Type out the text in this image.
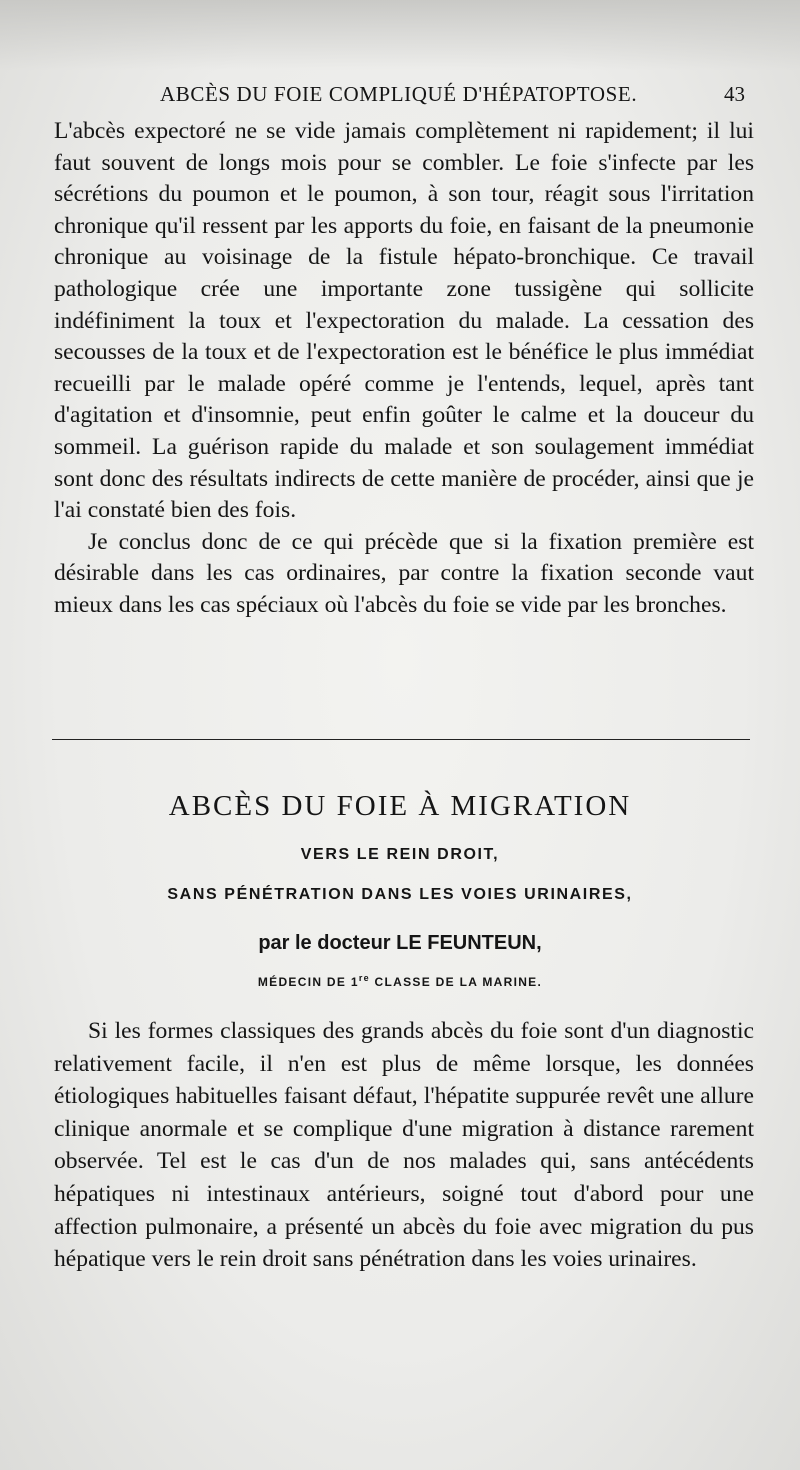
ABCÈS DU FOIE COMPLIQUÉ D'HÉPATOPTOSE.	43

L'abcès expectoré ne se vide jamais complètement ni rapidement; il lui faut souvent de longs mois pour se combler. Le foie s'infecte par les sécrétions du poumon et le poumon, à son tour, réagit sous l'irritation chronique qu'il ressent par les apports du foie, en faisant de la pneumonie chronique au voisinage de la fistule hépato-bronchique. Ce travail pathologique crée une importante zone tussigène qui sollicite indéfiniment la toux et l'expectoration du malade. La cessation des secousses de la toux et de l'expectoration est le bénéfice le plus immédiat recueilli par le malade opéré comme je l'entends, lequel, après tant d'agitation et d'insomnie, peut enfin goûter le calme et la douceur du sommeil. La guérison rapide du malade et son soulagement immédiat sont donc des résultats indirects de cette manière de procéder, ainsi que je l'ai constaté bien des fois.

Je conclus donc de ce qui précède que si la fixation première est désirable dans les cas ordinaires, par contre la fixation seconde vaut mieux dans les cas spéciaux où l'abcès du foie se vide par les bronches.

ABCÈS DU FOIE À MIGRATION
VERS LE REIN DROIT,
SANS PÉNÉTRATION DANS LES VOIES URINAIRES,
par le docteur LE FEUNTEUN,
MÉDECIN DE 1re CLASSE DE LA MARINE.

Si les formes classiques des grands abcès du foie sont d'un diagnostic relativement facile, il n'en est plus de même lorsque, les données étiologiques habituelles faisant défaut, l'hépatite suppurée revêt une allure clinique anormale et se complique d'une migration à distance rarement observée. Tel est le cas d'un de nos malades qui, sans antécédents hépatiques ni intestinaux antérieurs, soigné tout d'abord pour une affection pulmonaire, a présenté un abcès du foie avec migration du pus hépatique vers le rein droit sans pénétration dans les voies urinaires.
